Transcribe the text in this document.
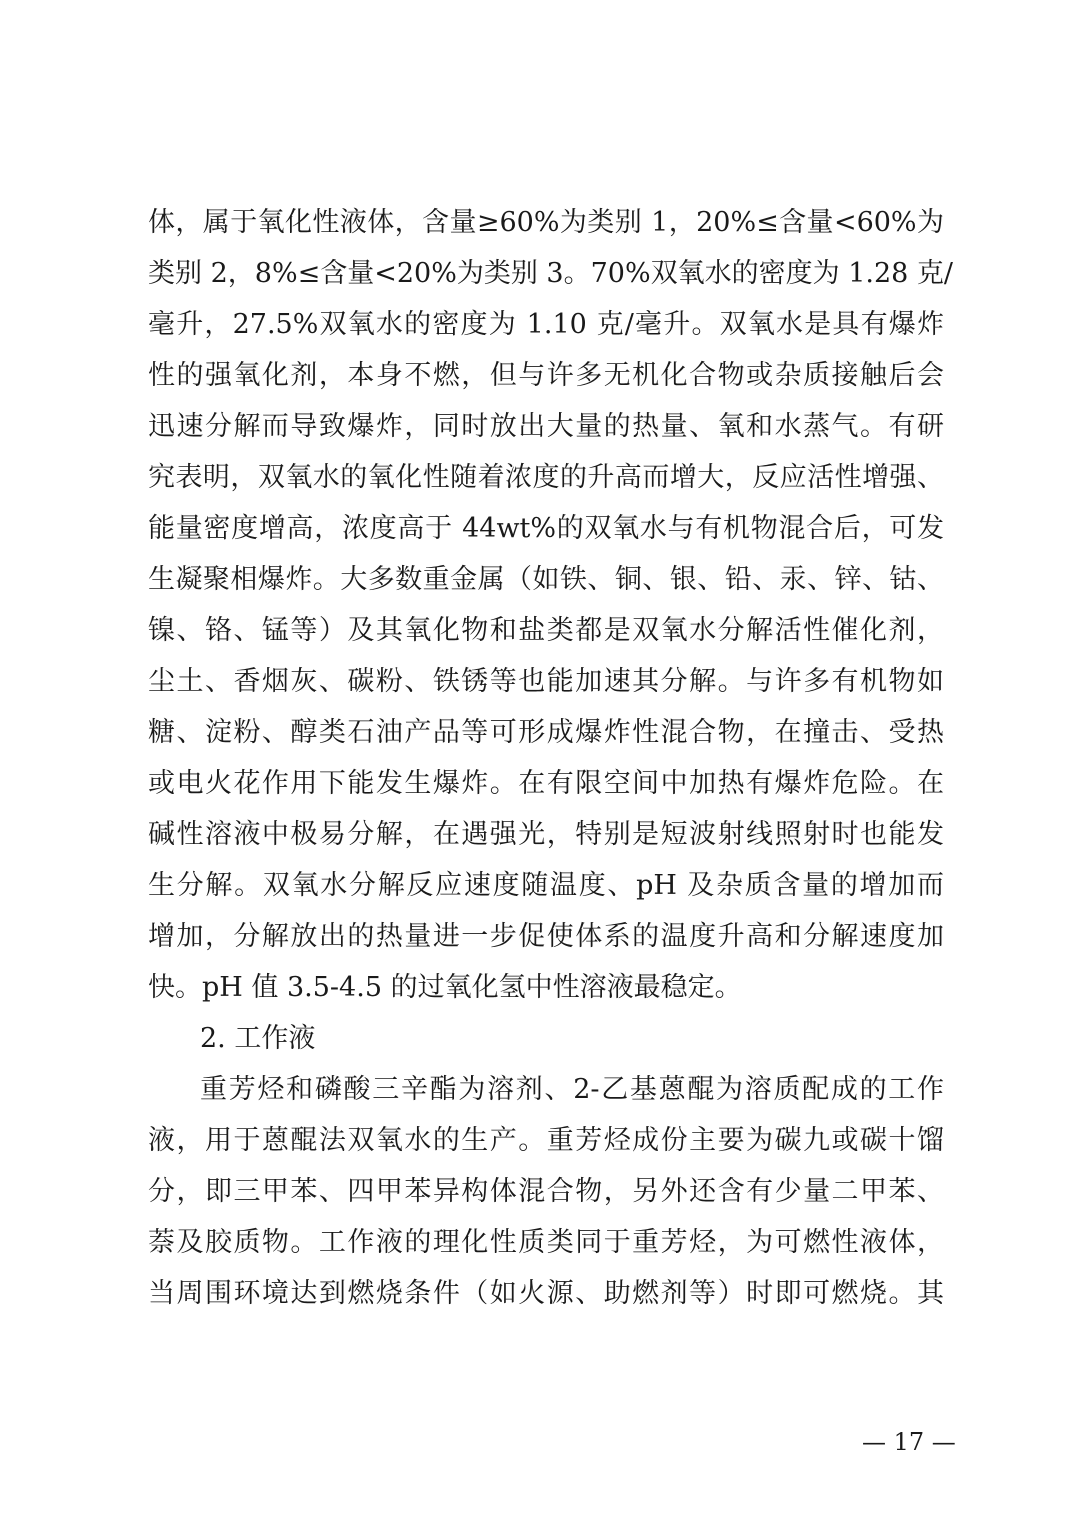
体，属于氧化性液体，含量≥60%为类别 1，20%≤含量<60%为
类别 2，8%≤含量<20%为类别 3。70%双氧水的密度为 1.28 克/
毫升，27.5%双氧水的密度为 1.10 克/毫升。双氧水是具有爆炸
性的强氧化剂，本身不燃，但与许多无机化合物或杂质接触后会
迅速分解而导致爆炸，同时放出大量的热量、氧和水蒸气。有研
究表明，双氧水的氧化性随着浓度的升高而增大，反应活性增强、
能量密度增高，浓度高于 44wt%的双氧水与有机物混合后，可发
生凝聚相爆炸。大多数重金属（如铁、铜、银、铅、汞、锌、钴、
镍、铬、锰等）及其氧化物和盐类都是双氧水分解活性催化剂，
尘土、香烟灰、碳粉、铁锈等也能加速其分解。与许多有机物如
糖、淀粉、醇类石油产品等可形成爆炸性混合物，在撞击、受热
或电火花作用下能发生爆炸。在有限空间中加热有爆炸危险。在
碱性溶液中极易分解，在遇强光，特别是短波射线照射时也能发
生分解。双氧水分解反应速度随温度、pH 及杂质含量的增加而
增加，分解放出的热量进一步促使体系的温度升高和分解速度加
快。pH 值 3.5-4.5 的过氧化氢中性溶液最稳定。
2. 工作液
重芳烃和磷酸三辛酯为溶剂、2-乙基蒽醌为溶质配成的工作
液，用于蒽醌法双氧水的生产。重芳烃成份主要为碳九或碳十馏
分，即三甲苯、四甲苯异构体混合物，另外还含有少量二甲苯、
萘及胶质物。工作液的理化性质类同于重芳烃，为可燃性液体，
当周围环境达到燃烧条件（如火源、助燃剂等）时即可燃烧。其
— 17 —
